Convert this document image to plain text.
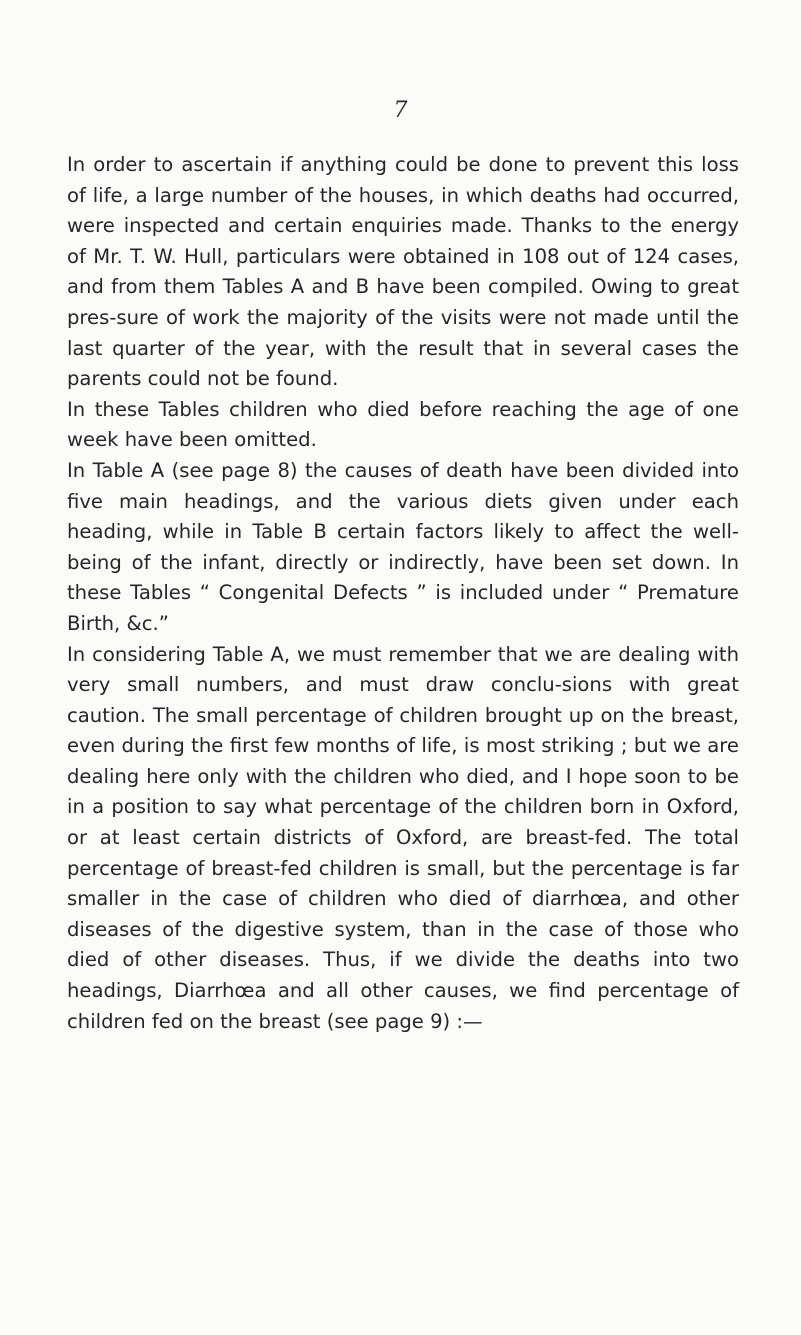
7

In order to ascertain if anything could be done to prevent this loss of life, a large number of the houses, in which deaths had occurred, were inspected and certain enquiries made. Thanks to the energy of Mr. T. W. Hull, particulars were obtained in 108 out of 124 cases, and from them Tables A and B have been compiled. Owing to great pres-sure of work the majority of the visits were not made until the last quarter of the year, with the result that in several cases the parents could not be found.

In these Tables children who died before reaching the age of one week have been omitted.

In Table A (see page 8) the causes of death have been divided into five main headings, and the various diets given under each heading, while in Table B certain factors likely to affect the well-being of the infant, directly or indirectly, have been set down. In these Tables “ Congenital Defects ” is included under “ Premature Birth, &c.”

In considering Table A, we must remember that we are dealing with very small numbers, and must draw conclu-sions with great caution. The small percentage of children brought up on the breast, even during the first few months of life, is most striking ; but we are dealing here only with the children who died, and I hope soon to be in a position to say what percentage of the children born in Oxford, or at least certain districts of Oxford, are breast-fed. The total percentage of breast-fed children is small, but the percentage is far smaller in the case of children who died of diarrhœa, and other diseases of the digestive system, than in the case of those who died of other diseases. Thus, if we divide the deaths into two headings, Diarrhœa and all other causes, we find percentage of children fed on the breast (see page 9) :—
